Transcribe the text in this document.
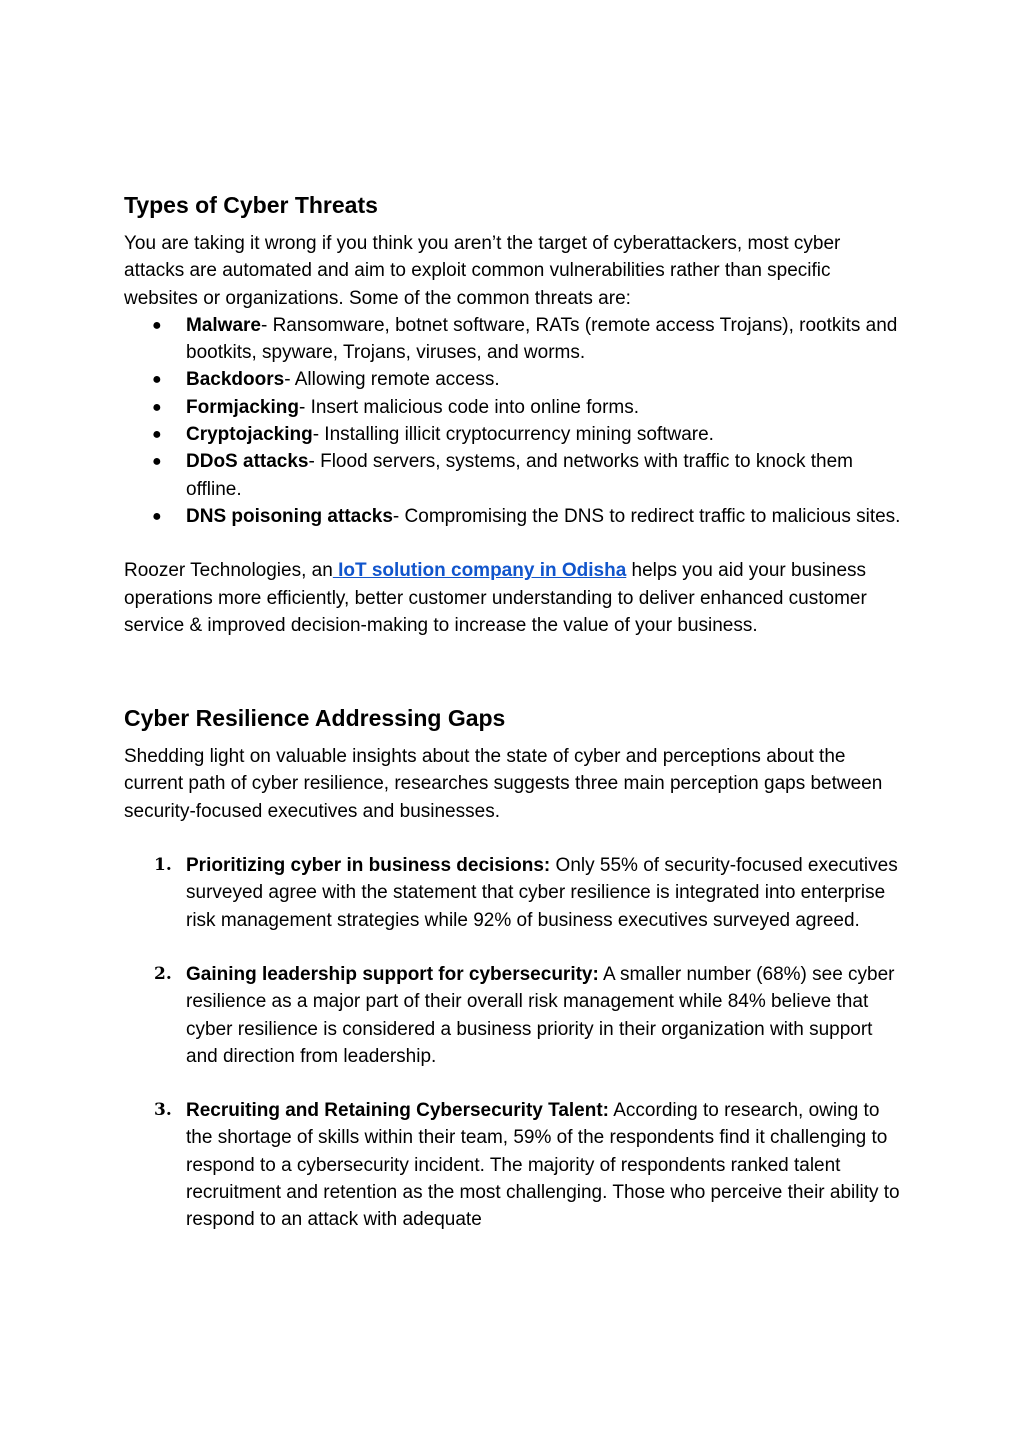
Types of Cyber Threats

You are taking it wrong if you think you aren’t the target of cyberattackers, most cyber attacks are automated and aim to exploit common vulnerabilities rather than specific websites or organizations. Some of the common threats are:

● Malware- Ransomware, botnet software, RATs (remote access Trojans), rootkits and bootkits, spyware, Trojans, viruses, and worms.
● Backdoors- Allowing remote access.
● Formjacking- Insert malicious code into online forms.
● Cryptojacking- Installing illicit cryptocurrency mining software.
● DDoS attacks- Flood servers, systems, and networks with traffic to knock them offline.
● DNS poisoning attacks- Compromising the DNS to redirect traffic to malicious sites.

Roozer Technologies, an IoT solution company in Odisha helps you aid your business operations more efficiently, better customer understanding to deliver enhanced customer service & improved decision-making to increase the value of your business.

Cyber Resilience Addressing Gaps

Shedding light on valuable insights about the state of cyber and perceptions about the current path of cyber resilience, researches suggests three main perception gaps between security-focused executives and businesses.

1. Prioritizing cyber in business decisions: Only 55% of security-focused executives surveyed agree with the statement that cyber resilience is integrated into enterprise risk management strategies while 92% of business executives surveyed agreed.
2. Gaining leadership support for cybersecurity: A smaller number (68%) see cyber resilience as a major part of their overall risk management while 84% believe that cyber resilience is considered a business priority in their organization with support and direction from leadership.
3. Recruiting and Retaining Cybersecurity Talent: According to research, owing to the shortage of skills within their team, 59% of the respondents find it challenging to respond to a cybersecurity incident. The majority of respondents ranked talent recruitment and retention as the most challenging. Those who perceive their ability to respond to an attack with adequate
